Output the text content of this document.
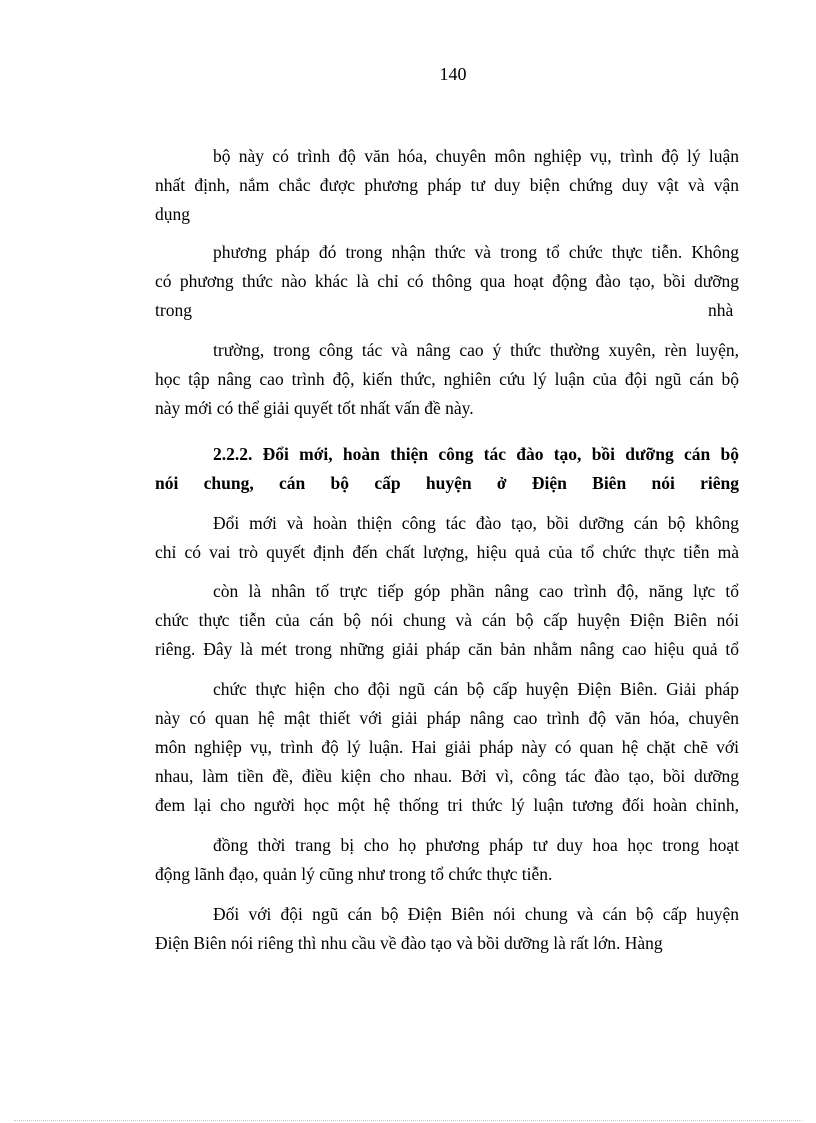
140
bộ này có trình độ văn hóa, chuyên môn nghiệp vụ, trình độ lý luận
nhất định, nắm chắc được phương pháp tư duy biện chứng duy vật và vận
dụng
phương pháp đó trong nhận thức và trong tổ chức thực tiễn. Không
có phương thức nào khác là chỉ có thông qua hoạt động đào tạo, bồi dưỡng
trong	nhà
trường, trong công tác và nâng cao ý thức thường xuyên, rèn luyện,
học tập nâng cao trình độ, kiến thức, nghiên cứu lý luận của đội ngũ cán bộ
này mới có thể giải quyết tốt nhất vấn đề này.
2.2.2. Đổi mới, hoàn thiện công tác đào tạo, bồi dưỡng cán bộ
nói chung, cán bộ cấp huyện ở Điện Biên nói riêng
Đổi mới và hoàn thiện công tác đào tạo, bồi dưỡng cán bộ không
chỉ có vai trò quyết định đến chất lượng, hiệu quả của tổ chức thực tiễn mà
còn là nhân tố trực tiếp góp phần nâng cao trình độ, năng lực tổ
chức thực tiễn của cán bộ nói chung và cán bộ cấp huyện Điện Biên nói
riêng. Đây là mét trong những giải pháp căn bản nhằm nâng cao hiệu quả tổ
chức thực hiện cho đội ngũ cán bộ cấp huyện Điện Biên. Giải pháp
này có quan hệ mật thiết với giải pháp nâng cao trình độ văn hóa, chuyên
môn nghiệp vụ, trình độ lý luận. Hai giải pháp này có quan hệ chặt chẽ với
nhau, làm tiền đề, điều kiện cho nhau. Bởi vì, công tác đào tạo, bồi dưỡng
đem lại cho người học một hệ thống tri thức lý luận tương đối hoàn chỉnh,
đồng thời trang bị cho họ phương pháp tư duy hoa học trong hoạt
động lãnh đạo, quản lý cũng như trong tổ chức thực tiễn.
Đối với đội ngũ cán bộ Điện Biên nói chung và cán bộ cấp huyện
Điện Biên nói riêng thì nhu cầu về đào tạo và bồi dưỡng là rất lớn. Hàng
